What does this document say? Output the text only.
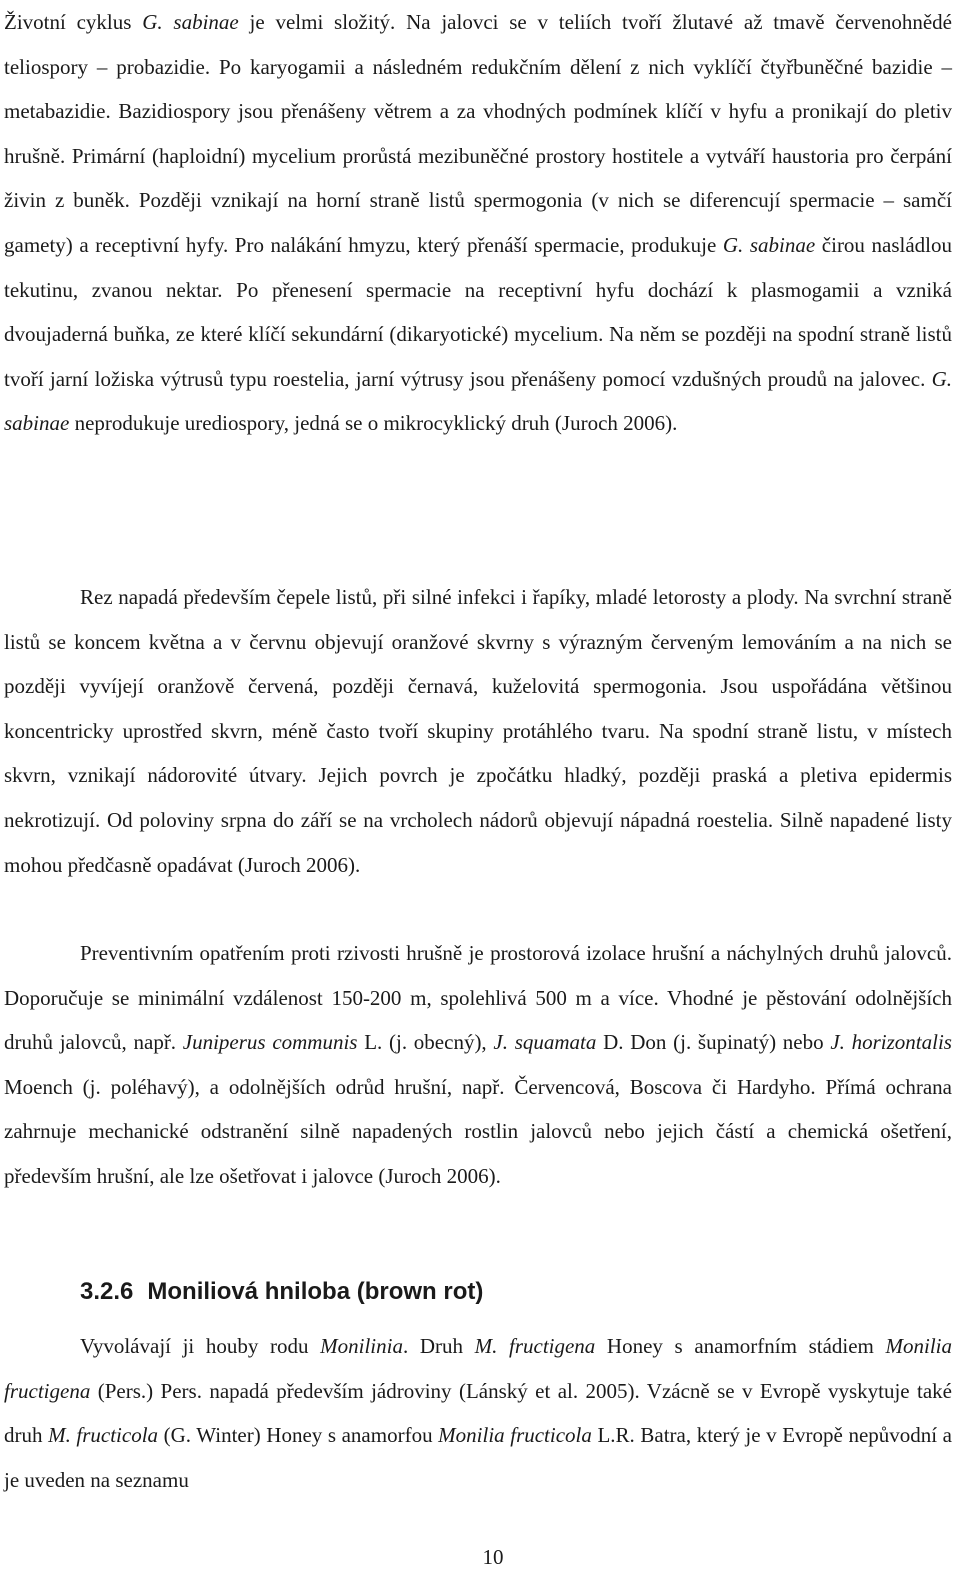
Životní cyklus G. sabinae je velmi složitý. Na jalovci se v teliích tvoří žlutavé až tmavě červenohnědé teliospory – probazidie. Po karyogamii a následném redukčním dělení z nich vyklíčí čtyřbuněčné bazidie – metabazidie. Bazidiospory jsou přenášeny větrem a za vhodných podmínek klíčí v hyfu a pronikají do pletiv hrušně. Primární (haploidní) mycelium prorůstá mezibuněčné prostory hostitele a vytváří haustoria pro čerpání živin z buněk. Později vznikají na horní straně listů spermogonia (v nich se diferencují spermacie – samčí gamety) a receptivní hyfy. Pro nalákání hmyzu, který přenáší spermacie, produkuje G. sabinae čirou nasládlou tekutinu, zvanou nektar. Po přenesení spermacie na receptivní hyfu dochází k plasmogamii a vzniká dvoujaderná buňka, ze které klíčí sekundární (dikaryotické) mycelium. Na něm se později na spodní straně listů tvoří jarní ložiska výtrusů typu roestelia, jarní výtrusy jsou přenášeny pomocí vzdušných proudů na jalovec. G. sabinae neprodukuje urediospory, jedná se o mikrocyklický druh (Juroch 2006).

Rez napadá především čepele listů, při silné infekci i řapíky, mladé letorosty a plody. Na svrchní straně listů se koncem května a v červnu objevují oranžové skvrny s výrazným červeným lemováním a na nich se později vyvíjejí oranžově červená, později černavá, kuželovitá spermogonia. Jsou uspořádána většinou koncentricky uprostřed skvrn, méně často tvoří skupiny protáhlého tvaru. Na spodní straně listu, v místech skvrn, vznikají nádorovité útvary. Jejich povrch je zpočátku hladký, později praská a pletiva epidermis nekrotizují. Od poloviny srpna do září se na vrcholech nádorů objevují nápadná roestelia. Silně napadené listy mohou předčasně opadávat (Juroch 2006).

Preventivním opatřením proti rzivosti hrušně je prostorová izolace hrušní a náchylných druhů jalovců. Doporučuje se minimální vzdálenost 150-200 m, spolehlivá 500 m a více. Vhodné je pěstování odolnějších druhů jalovců, např. Juniperus communis L. (j. obecný), J. squamata D. Don (j. šupinatý) nebo J. horizontalis Moench (j. poléhavý), a odolnějších odrůd hrušní, např. Červencová, Boscova či Hardyho. Přímá ochrana zahrnuje mechanické odstranění silně napadených rostlin jalovců nebo jejich částí a chemická ošetření, především hrušní, ale lze ošetřovat i jalovce (Juroch 2006).

3.2.6 Moniliová hniloba (brown rot)

Vyvolávají ji houby rodu Monilinia. Druh M. fructigena Honey s anamorfním stádiem Monilia fructigena (Pers.) Pers. napadá především jádroviny (Lánský et al. 2005). Vzácně se v Evropě vyskytuje také druh M. fructicola (G. Winter) Honey s anamorfou Monilia fructicola L.R. Batra, který je v Evropě nepůvodní a je uveden na seznamu

10
